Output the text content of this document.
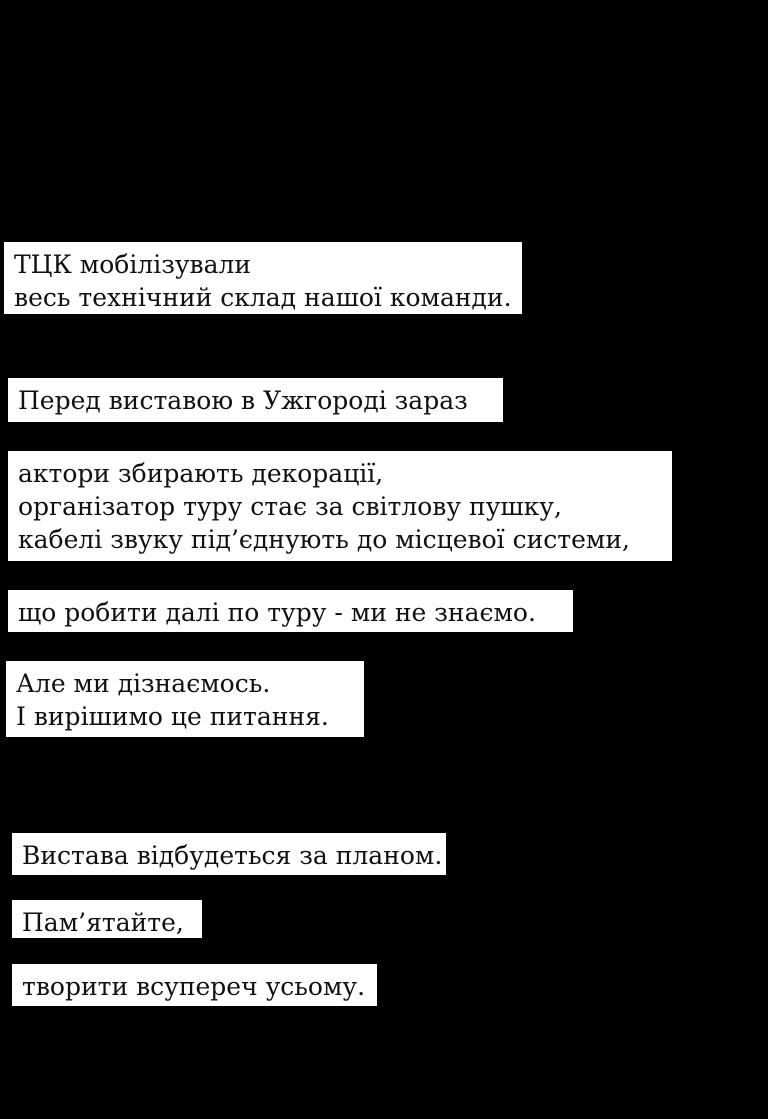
ТЦК мобілізували
весь технічний склад нашої команди.
Перед виставою в Ужгороді зараз
актори збирають декорації,
організатор туру стає за світлову пушку,
кабелі звуку під’єднують до місцевої системи,
що робити далі по туру - ми не знаємо.
Але ми дізнаємось.
І вирішимо це питання.
Вистава відбудеться за планом.
Пам’ятайте,
творити всупереч усьому.
